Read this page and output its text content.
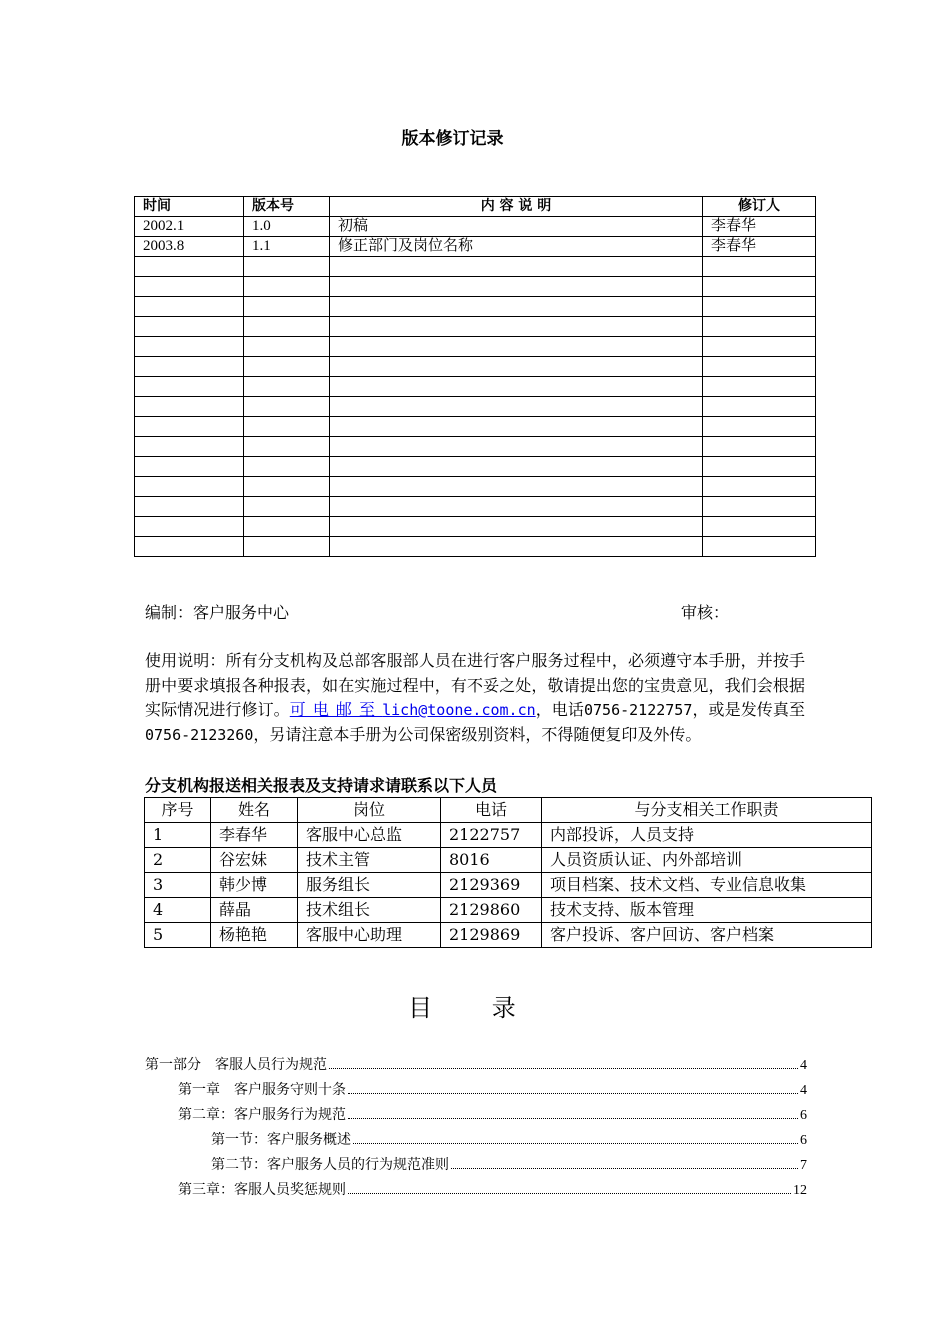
版本修订记录
时间	版本号	内 容 说 明	修订人
2002.1	1.0	初稿	李春华
2003.8	1.1	修正部门及岗位名称	李春华

编制：客户服务中心	审核：
使用说明：所有分支机构及总部客服部人员在进行客户服务过程中，必须遵守本手册，并按手册中要求填报各种报表，如在实施过程中，有不妥之处，敬请提出您的宝贵意见，我们会根据实际情况进行修订。可电邮至lich@toone.com.cn，电话0756-2122757，或是发传真至0756-2123260，另请注意本手册为公司保密级别资料，不得随便复印及外传。
分支机构报送相关报表及支持请求请联系以下人员
序号	姓名	岗位	电话	与分支相关工作职责
1	李春华	客服中心总监	2122757	内部投诉，人员支持
2	谷宏妹	技术主管	8016	人员资质认证、内外部培训
3	韩少博	服务组长	2129369	项目档案、技术文档、专业信息收集
4	薛晶	技术组长	2129860	技术支持、版本管理
5	杨艳艳	客服中心助理	2129869	客户投诉、客户回访、客户档案
目 录
第一部分　客服人员行为规范	4
第一章　客户服务守则十条	4
第二章：客户服务行为规范	6
第一节：客户服务概述	6
第二节：客户服务人员的行为规范准则	7
第三章：客服人员奖惩规则	12
